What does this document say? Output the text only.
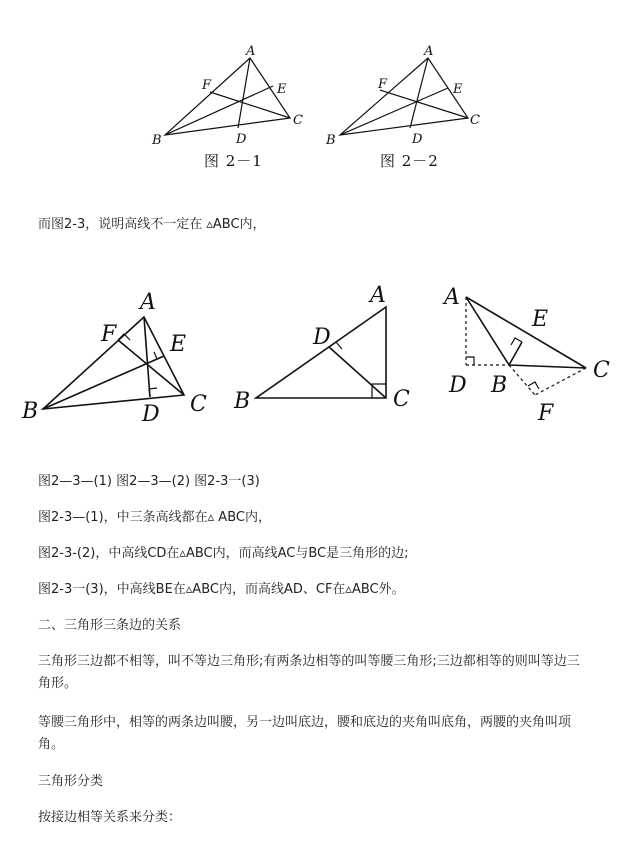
A
F	E
B	D
C
图 2－1
A
F	E
B	D
C
图 2－2
而图2-3，说明高线不一定在 ▵ABC内，
A
F E
B	D C
A
D
B	C
A
E
D B
C
F
图2—3—(1) 图2—3—(2) 图2-3一(3)
图2-3—(1)，中三条高线都在▵ ABC内，
图2-3-(2)，中高线CD在▵ABC内，而高线AC与BC是三角形的边;
图2-3一(3)，中高线BE在▵ABC内，而高线AD、CF在▵ABC外。
二、三角形三条边的关系
三角形三边都不相等，叫不等边三角形;有两条边相等的叫等腰三角形;三边都相等的则叫等边三
角形。
等腰三角形中，相等的两条边叫腰，另一边叫底边，腰和底边的夹角叫底角，两腰的夹角叫项
角。
三角形分类
按接边相等关系来分类：
